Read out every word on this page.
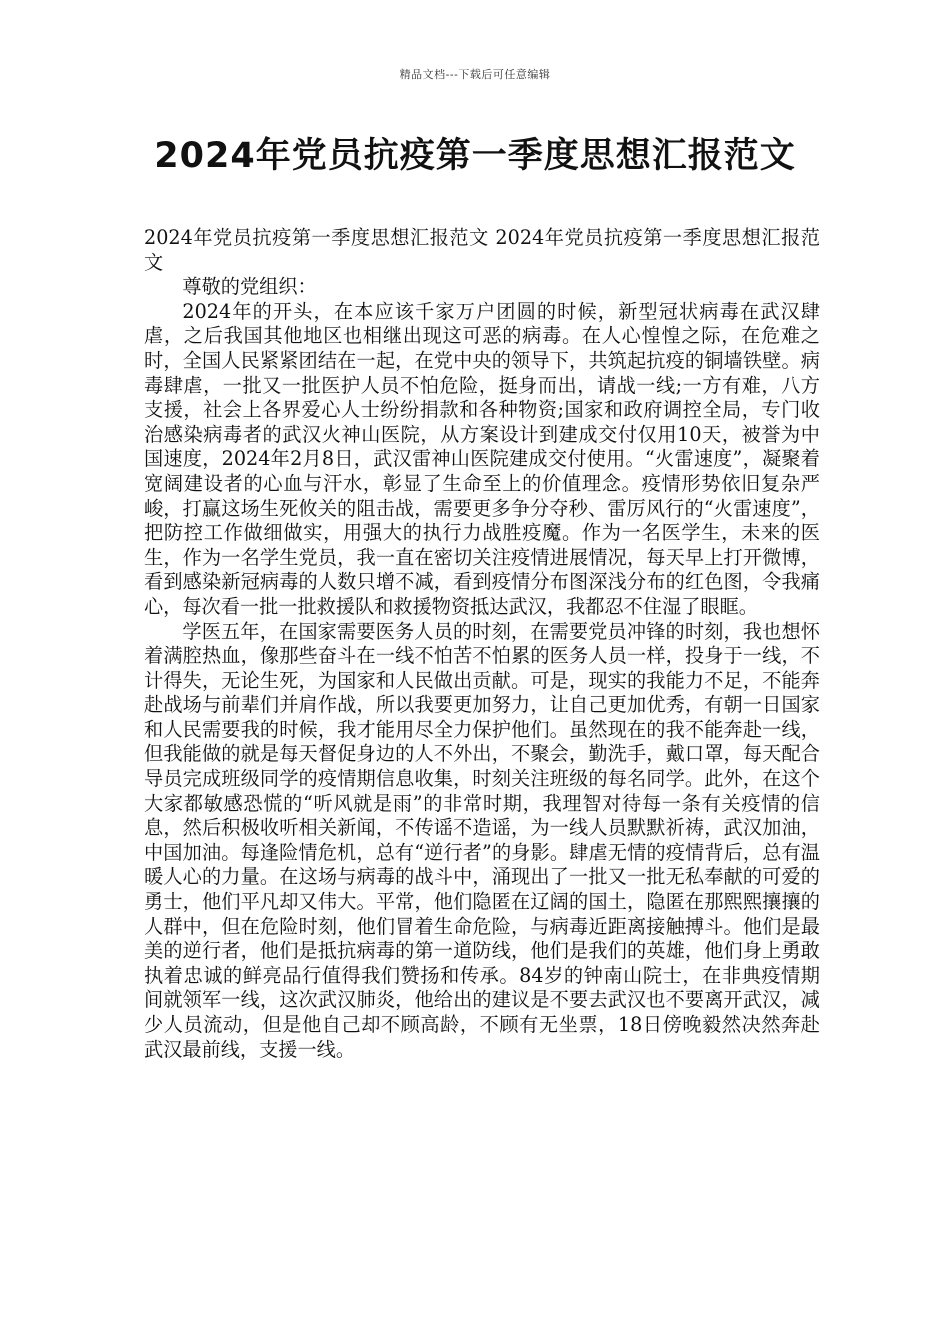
精品文档---下载后可任意编辑
2024年党员抗疫第一季度思想汇报范文

2024年党员抗疫第一季度思想汇报范文 2024年党员抗疫第一季度思想汇报范文

尊敬的党组织：

2024年的开头，在本应该千家万户团圆的时候，新型冠状病毒在武汉肆虐，之后我国其他地区也相继出现这可恶的病毒。在人心惶惶之际，在危难之时，全国人民紧紧团结在一起，在党中央的领导下，共筑起抗疫的铜墙铁壁。病毒肆虐，一批又一批医护人员不怕危险，挺身而出，请战一线;一方有难，八方支援，社会上各界爱心人士纷纷捐款和各种物资;国家和政府调控全局，专门收治感染病毒者的武汉火神山医院，从方案设计到建成交付仅用10天，被誉为中国速度，2024年2月8日，武汉雷神山医院建成交付使用。“火雷速度”，凝聚着宽阔建设者的心血与汗水，彰显了生命至上的价值理念。疫情形势依旧复杂严峻，打赢这场生死攸关的阻击战，需要更多争分夺秒、雷厉风行的“火雷速度”，把防控工作做细做实，用强大的执行力战胜疫魔。作为一名医学生，未来的医生，作为一名学生党员，我一直在密切关注疫情进展情况，每天早上打开微博，看到感染新冠病毒的人数只增不减，看到疫情分布图深浅分布的红色图，令我痛心，每次看一批一批救援队和救援物资抵达武汉，我都忍不住湿了眼眶。

学医五年，在国家需要医务人员的时刻，在需要党员冲锋的时刻，我也想怀着满腔热血，像那些奋斗在一线不怕苦不怕累的医务人员一样，投身于一线，不计得失，无论生死，为国家和人民做出贡献。可是，现实的我能力不足，不能奔赴战场与前辈们并肩作战，所以我要更加努力，让自己更加优秀，有朝一日国家和人民需要我的时候，我才能用尽全力保护他们。虽然现在的我不能奔赴一线，但我能做的就是每天督促身边的人不外出，不聚会，勤洗手，戴口罩，每天配合导员完成班级同学的疫情期信息收集，时刻关注班级的每名同学。此外，在这个大家都敏感恐慌的“听风就是雨”的非常时期，我理智对待每一条有关疫情的信息，然后积极收听相关新闻，不传谣不造谣，为一线人员默默祈祷，武汉加油，中国加油。每逢险情危机，总有“逆行者”的身影。肆虐无情的疫情背后，总有温暖人心的力量。在这场与病毒的战斗中，涌现出了一批又一批无私奉献的可爱的勇士，他们平凡却又伟大。平常，他们隐匿在辽阔的国土，隐匿在那熙熙攘攘的人群中，但在危险时刻，他们冒着生命危险，与病毒近距离接触搏斗。他们是最美的逆行者，他们是抵抗病毒的第一道防线，他们是我们的英雄，他们身上勇敢执着忠诚的鲜亮品行值得我们赞扬和传承。84岁的钟南山院士，在非典疫情期间就领军一线，这次武汉肺炎，他给出的建议是不要去武汉也不要离开武汉，减少人员流动，但是他自己却不顾高龄，不顾有无坐票，18日傍晚毅然决然奔赴武汉最前线，支援一线。
